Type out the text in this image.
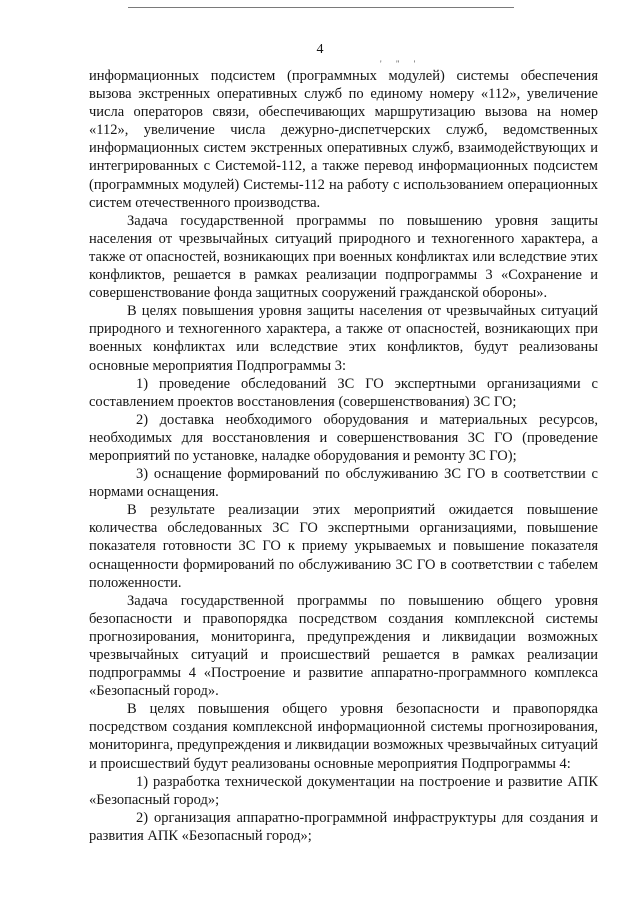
4
' " '

информационных подсистем (программных модулей) системы обеспечения вызова экстренных оперативных служб по единому номеру «112», увеличение числа операторов связи, обеспечивающих маршрутизацию вызова на номер «112», увеличение числа дежурно-диспетчерских служб, ведомственных информационных систем экстренных оперативных служб, взаимодействующих и интегрированных с Системой-112, а также перевод информационных подсистем (программных модулей) Системы-112 на работу с использованием операционных систем отечественного производства.

Задача государственной программы по повышению уровня защиты населения от чрезвычайных ситуаций природного и техногенного характера, а также от опасностей, возникающих при военных конфликтах или вследствие этих конфликтов, решается в рамках реализации подпрограммы 3 «Сохранение и совершенствование фонда защитных сооружений гражданской обороны».

В целях повышения уровня защиты населения от чрезвычайных ситуаций природного и техногенного характера, а также от опасностей, возникающих при военных конфликтах или вследствие этих конфликтов, будут реализованы основные мероприятия Подпрограммы 3:

1) проведение обследований ЗС ГО экспертными организациями с составлением проектов восстановления (совершенствования) ЗС ГО;

2) доставка необходимого оборудования и материальных ресурсов, необходимых для восстановления и совершенствования ЗС ГО (проведение мероприятий по установке, наладке оборудования и ремонту ЗС ГО);

3) оснащение формирований по обслуживанию ЗС ГО в соответствии с нормами оснащения.

В результате реализации этих мероприятий ожидается повышение количества обследованных ЗС ГО экспертными организациями, повышение показателя готовности ЗС ГО к приему укрываемых и повышение показателя оснащенности формирований по обслуживанию ЗС ГО в соответствии с табелем положенности.

Задача государственной программы по повышению общего уровня безопасности и правопорядка посредством создания комплексной системы прогнозирования, мониторинга, предупреждения и ликвидации возможных чрезвычайных ситуаций и происшествий решается в рамках реализации подпрограммы 4 «Построение и развитие аппаратно-программного комплекса «Безопасный город».

В целях повышения общего уровня безопасности и правопорядка посредством создания комплексной информационной системы прогнозирования, мониторинга, предупреждения и ликвидации возможных чрезвычайных ситуаций и происшествий будут реализованы основные мероприятия Подпрограммы 4:

1) разработка технической документации на построение и развитие АПК «Безопасный город»;

2) организация аппаратно-программной инфраструктуры для создания и развития АПК «Безопасный город»;
